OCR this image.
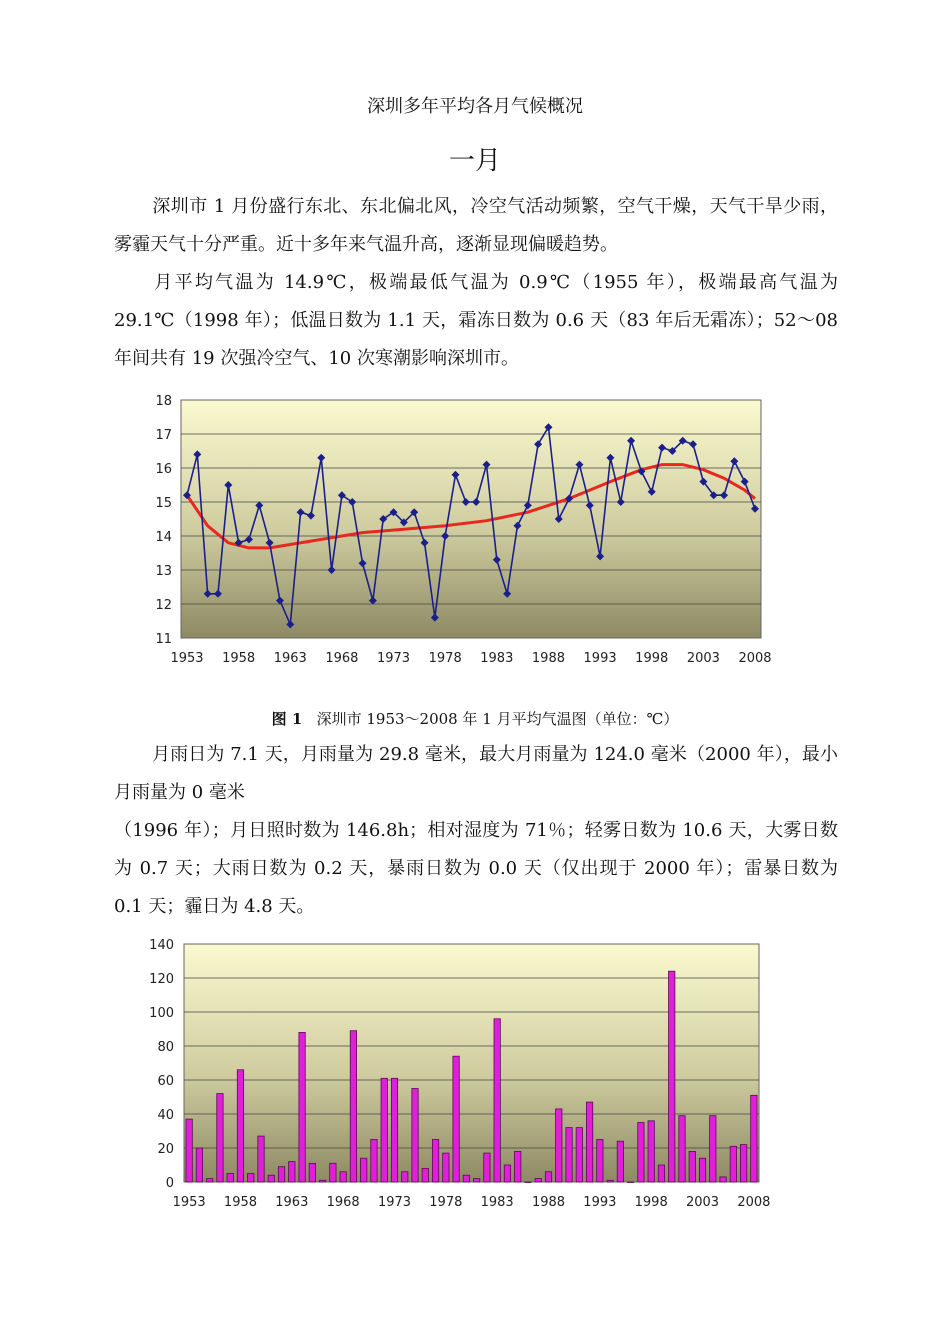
深圳多年平均各月气候概况
一月
深圳市 1 月份盛行东北、东北偏北风，冷空气活动频繁，空气干燥，天气干旱少雨，雾霾天气十分严重。近十多年来气温升高，逐渐显现偏暖趋势。
月平均气温为 14.9℃，极端最低气温为 0.9℃（1955 年），极端最高气温为 29.1℃（1998 年）；低温日数为 1.1 天，霜冻日数为 0.6 天（83 年后无霜冻）；52～08 年间共有 19 次强冷空气、10 次寒潮影响深圳市。
11
12
13
14
15
16
17
18
1953 1958 1963 1968 1973 1978 1983 1988 1993 1998 2003 2008
图 1 深圳市 1953～2008 年 1 月平均气温图（单位：℃）
月雨日为 7.1 天，月雨量为 29.8 毫米，最大月雨量为 124.0 毫米（2000 年），最小月雨量为 0 毫米
（1996 年）；月日照时数为 146.8h；相对湿度为 71％；轻雾日数为 10.6 天，大雾日数为 0.7 天；大雨日数为 0.2 天，暴雨日数为 0.0 天（仅出现于 2000 年）；雷暴日数为 0.1 天；霾日为 4.8 天。
0
20
40
60
80
100
120
140
1953 1958 1963 1968 1973 1978 1983 1988 1993 1998 2003 2008
